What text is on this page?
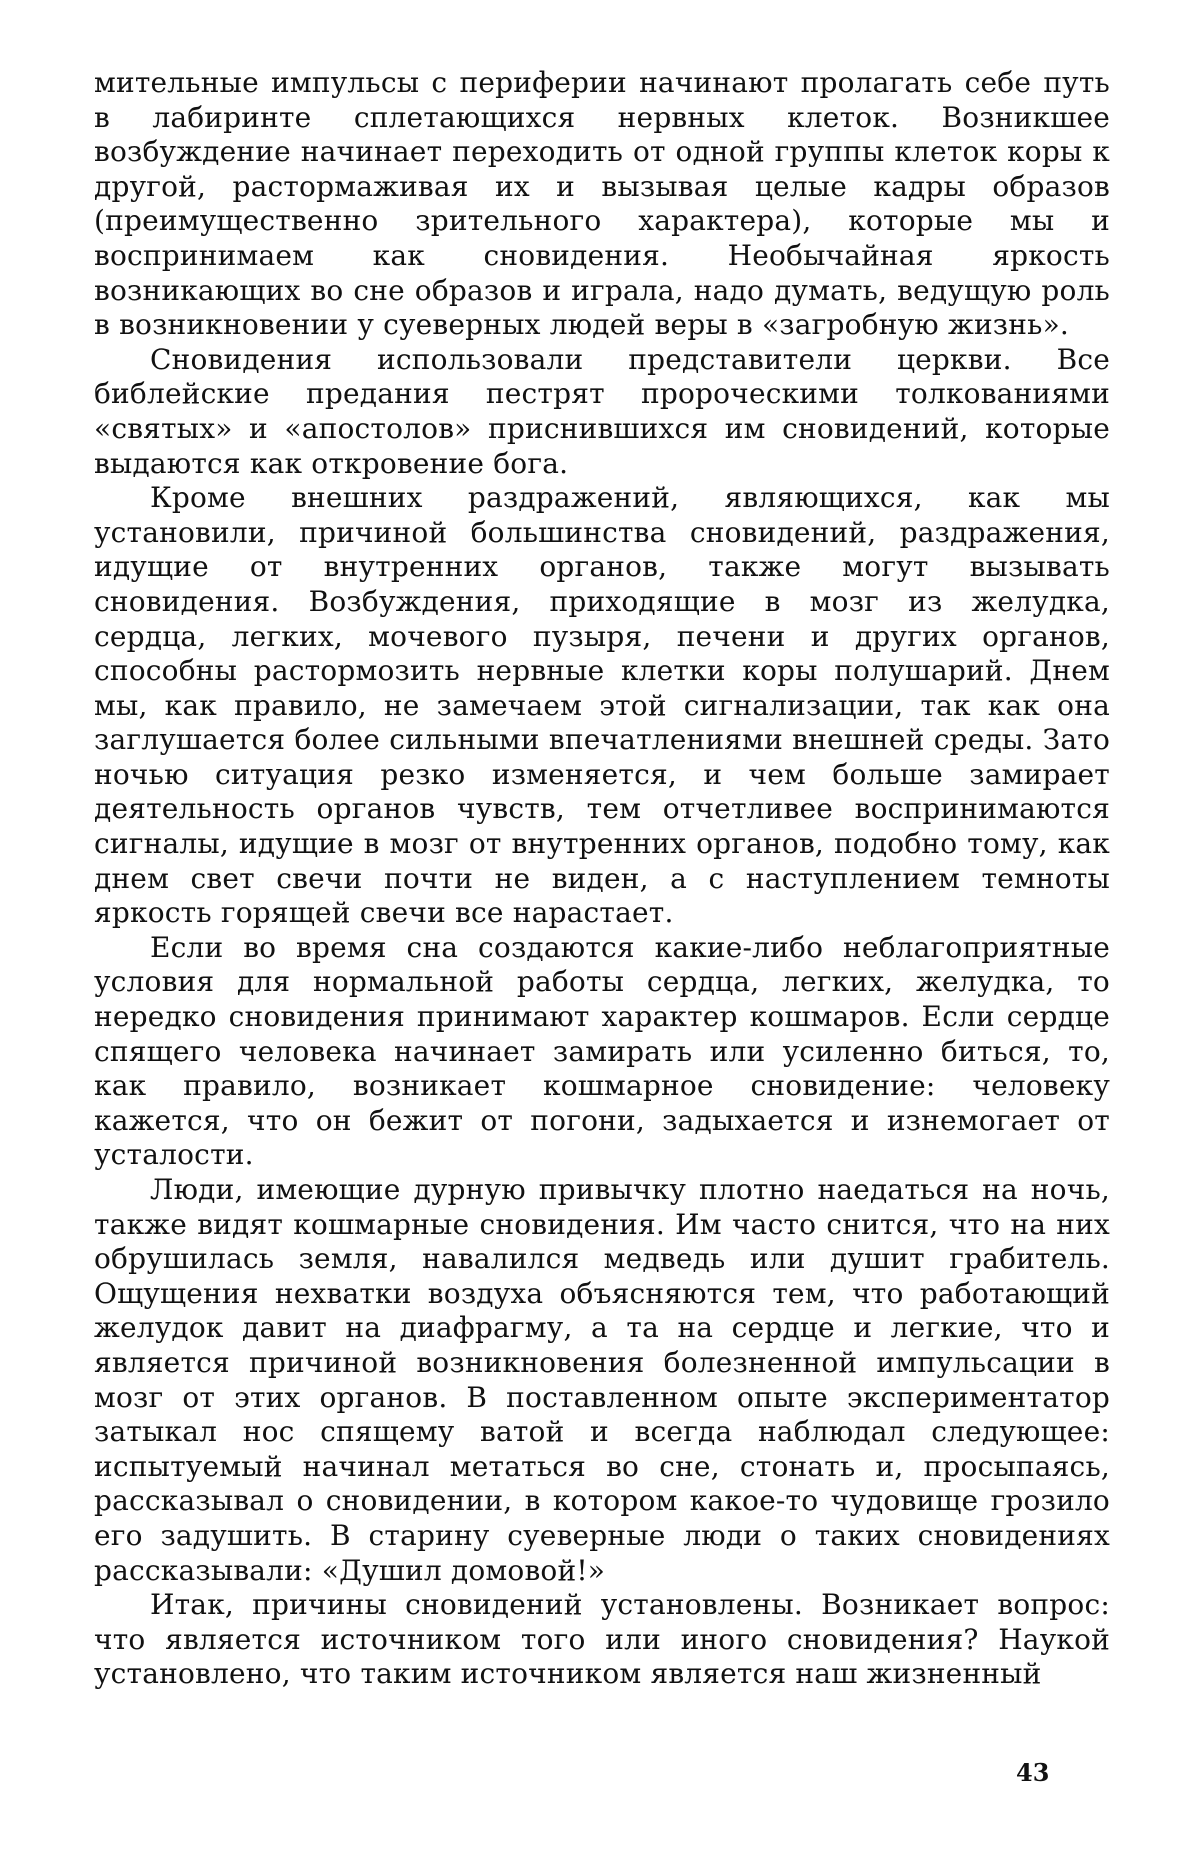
мительные импульсы с периферии начинают пролагать себе путь в лабиринте сплетающихся нервных клеток. Возникшее возбуждение начинает переходить от одной группы клеток коры к другой, растормаживая их и вызывая целые кадры образов (преимущественно зрительного характера), которые мы и воспринимаем как сновидения. Необычайная яркость возникающих во сне образов и играла, надо думать, ведущую роль в возникновении у суеверных людей веры в «загробную жизнь».

Сновидения использовали представители церкви. Все библейские предания пестрят пророческими толкованиями «святых» и «апостолов» приснившихся им сновидений, которые выдаются как откровение бога.

Кроме внешних раздражений, являющихся, как мы установили, причиной большинства сновидений, раздражения, идущие от внутренних органов, также могут вызывать сновидения. Возбуждения, приходящие в мозг из желудка, сердца, легких, мочевого пузыря, печени и других органов, способны растормозить нервные клетки коры полушарий. Днем мы, как правило, не замечаем этой сигнализации, так как она заглушается более сильными впечатлениями внешней среды. Зато ночью ситуация резко изменяется, и чем больше замирает деятельность органов чувств, тем отчетливее воспринимаются сигналы, идущие в мозг от внутренних органов, подобно тому, как днем свет свечи почти не виден, а с наступлением темноты яркость горящей свечи все нарастает.

Если во время сна создаются какие-либо неблагоприятные условия для нормальной работы сердца, легких, желудка, то нередко сновидения принимают характер кошмаров. Если сердце спящего человека начинает замирать или усиленно биться, то, как правило, возникает кошмарное сновидение: человеку кажется, что он бежит от погони, задыхается и изнемогает от усталости.

Люди, имеющие дурную привычку плотно наедаться на ночь, также видят кошмарные сновидения. Им часто снится, что на них обрушилась земля, навалился медведь или душит грабитель. Ощущения нехватки воздуха объясняются тем, что работающий желудок давит на диафрагму, а та на сердце и легкие, что и является причиной возникновения болезненной импульсации в мозг от этих органов. В поставленном опыте экспериментатор затыкал нос спящему ватой и всегда наблюдал следующее: испытуемый начинал метаться во сне, стонать и, просыпаясь, рассказывал о сновидении, в котором какое-то чудовище грозило его задушить. В старину суеверные люди о таких сновидениях рассказывали: «Душил домовой!»

Итак, причины сновидений установлены. Возникает вопрос: что является источником того или иного сновидения? Наукой установлено, что таким источником является наш жизненный

43
